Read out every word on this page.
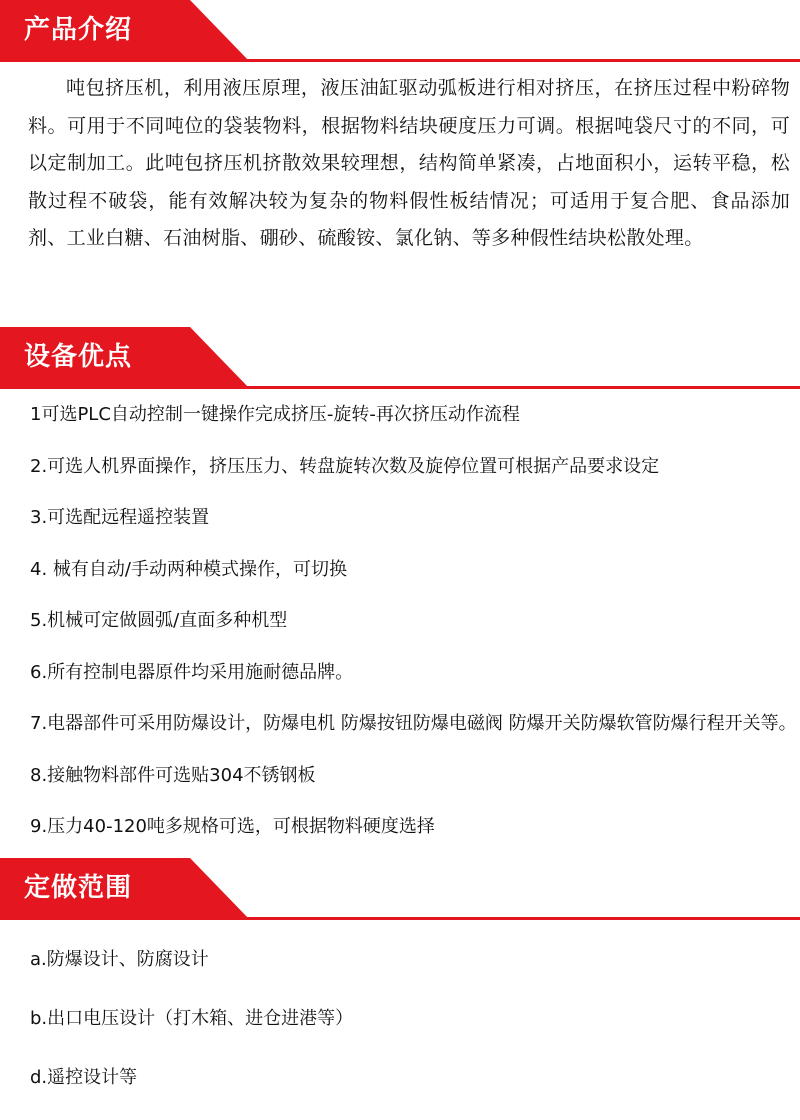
产品介绍

吨包挤压机，利用液压原理，液压油缸驱动弧板进行相对挤压，在挤压过程中粉碎物料。可用于不同吨位的袋装物料，根据物料结块硬度压力可调。根据吨袋尺寸的不同，可以定制加工。此吨包挤压机挤散效果较理想，结构简单紧凑，占地面积小，运转平稳，松散过程不破袋，能有效解决较为复杂的物料假性板结情况；可适用于复合肥、食品添加剂、工业白糖、石油树脂、硼砂、硫酸铵、氯化钠、等多种假性结块松散处理。

设备优点
1可选PLC自动控制一键操作完成挤压-旋转-再次挤压动作流程
2.可选人机界面操作，挤压压力、转盘旋转次数及旋停位置可根据产品要求设定
3.可选配远程遥控装置
4. 械有自动/手动两种模式操作，可切换
5.机械可定做圆弧/直面多种机型
6.所有控制电器原件均采用施耐德品牌。
7.电器部件可采用防爆设计，防爆电机 防爆按钮防爆电磁阀 防爆开关防爆软管防爆行程开关等。
8.接触物料部件可选贴304不锈钢板
9.压力40-120吨多规格可选，可根据物料硬度选择
定做范围
a.防爆设计、防腐设计
b.出口电压设计（打木箱、进仓进港等）
d.遥控设计等
